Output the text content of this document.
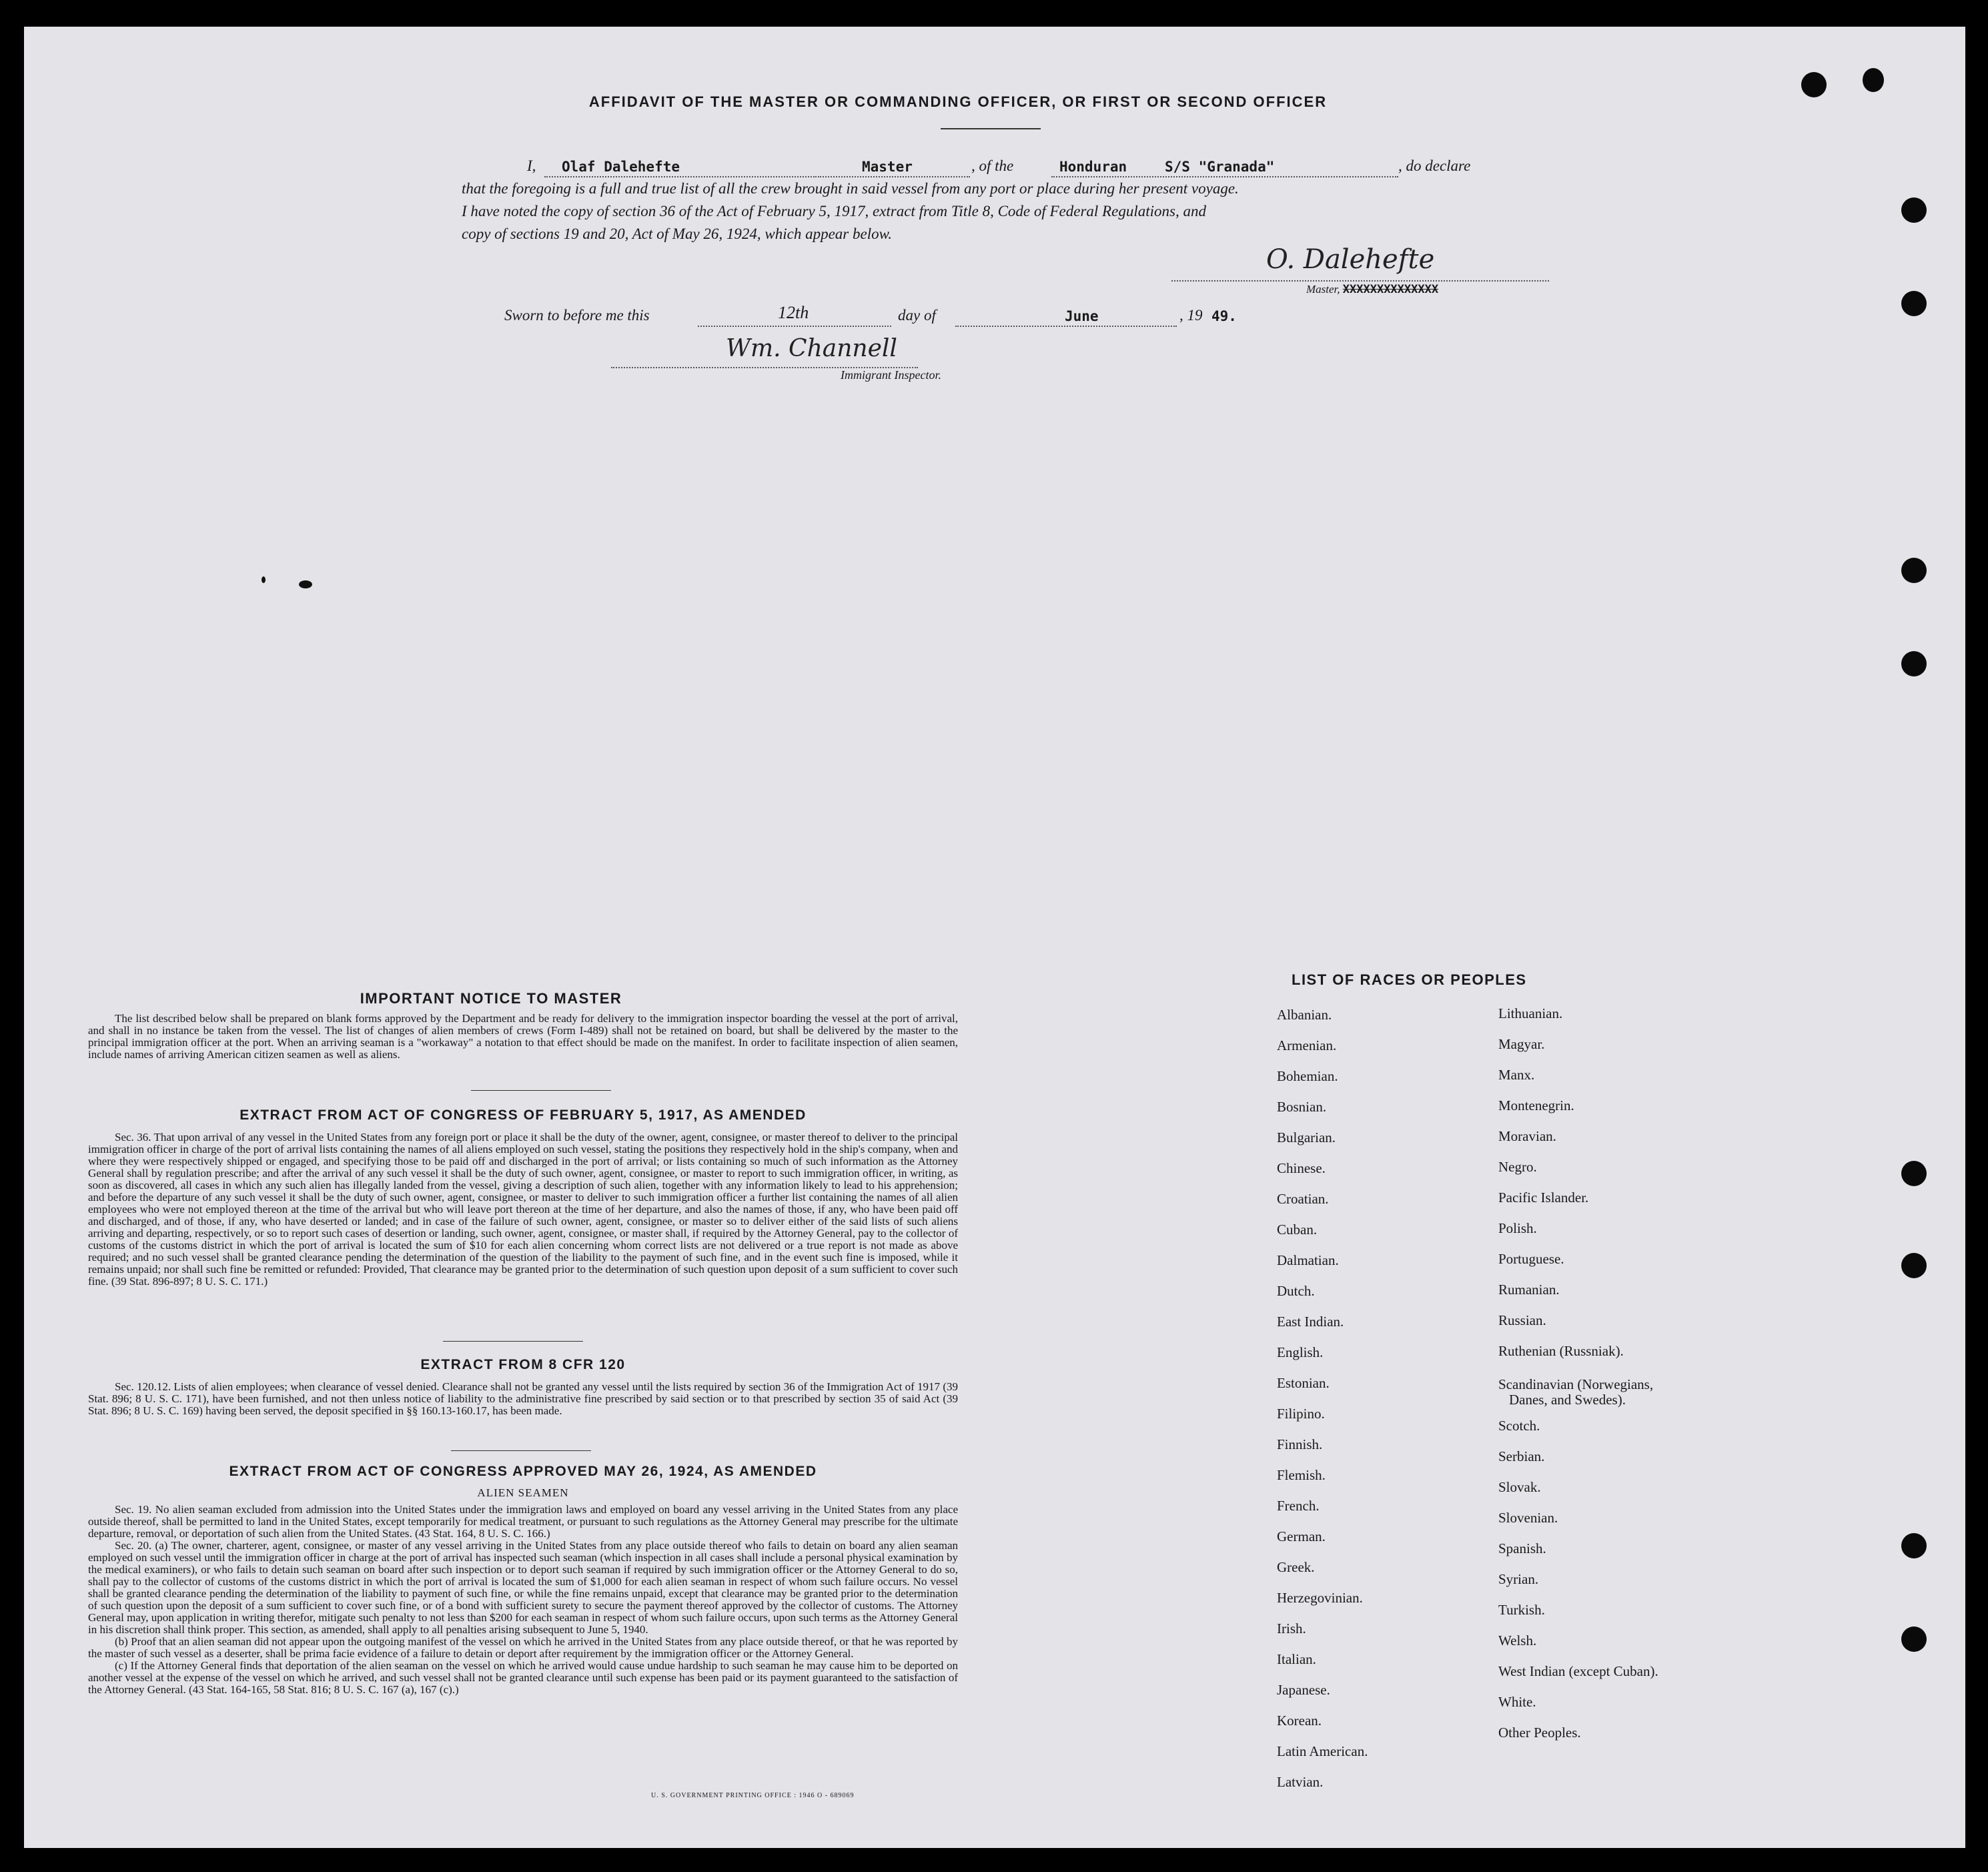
AFFIDAVIT OF THE MASTER OR COMMANDING OFFICER, OR FIRST OR SECOND OFFICER
I, Olaf Dalehefte	Master	, of the	Honduran	S/S "Granada"	, do declare
that the foregoing is a full and true list of all the crew brought in said vessel from any port or place during her present voyage.
I have noted the copy of section 36 of the Act of February 5, 1917, extract from Title 8, Code of Federal Regulations, and
copy of sections 19 and 20, Act of May 26, 1924, which appear below.
O. Dalehefte
Master, XXXXXXXXXXXXXX
Sworn to before me this	12th	day of	June	, 19 49.
Wm. Channell
Immigrant Inspector.
IMPORTANT NOTICE TO MASTER

The list described below shall be prepared on blank forms approved by the Department and be ready for delivery to the immigration inspector boarding the vessel at the port of arrival, and shall in no instance be taken from the vessel. The list of changes of alien members of crews (Form I-489) shall not be retained on board, but shall be delivered by the master to the principal immigration officer at the port. When an arriving seaman is a "workaway" a notation to that effect should be made on the manifest. In order to facilitate inspection of alien seamen, include names of arriving American citizen seamen as well as aliens.

EXTRACT FROM ACT OF CONGRESS OF FEBRUARY 5, 1917, AS AMENDED

Sec. 36. That upon arrival of any vessel in the United States from any foreign port or place it shall be the duty of the owner, agent, consignee, or master thereof to deliver to the principal immigration officer in charge of the port of arrival lists containing the names of all aliens employed on such vessel, stating the positions they respectively hold in the ship's company, when and where they were respectively shipped or engaged, and specifying those to be paid off and discharged in the port of arrival; or lists containing so much of such information as the Attorney General shall by regulation prescribe; and after the arrival of any such vessel it shall be the duty of such owner, agent, consignee, or master to report to such immigration officer, in writing, as soon as discovered, all cases in which any such alien has illegally landed from the vessel, giving a description of such alien, together with any information likely to lead to his apprehension; and before the departure of any such vessel it shall be the duty of such owner, agent, consignee, or master to deliver to such immigration officer a further list containing the names of all alien employees who were not employed thereon at the time of the arrival but who will leave port thereon at the time of her departure, and also the names of those, if any, who have been paid off and discharged, and of those, if any, who have deserted or landed; and in case of the failure of such owner, agent, consignee, or master so to deliver either of the said lists of such aliens arriving and departing, respectively, or so to report such cases of desertion or landing, such owner, agent, consignee, or master shall, if required by the Attorney General, pay to the collector of customs of the customs district in which the port of arrival is located the sum of $10 for each alien concerning whom correct lists are not delivered or a true report is not made as above required; and no such vessel shall be granted clearance pending the determination of the question of the liability to the payment of such fine, and in the event such fine is imposed, while it remains unpaid; nor shall such fine be remitted or refunded: Provided, That clearance may be granted prior to the determination of such question upon deposit of a sum sufficient to cover such fine. (39 Stat. 896-897; 8 U. S. C. 171.)

EXTRACT FROM 8 CFR 120

Sec. 120.12. Lists of alien employees; when clearance of vessel denied. Clearance shall not be granted any vessel until the lists required by section 36 of the Immigration Act of 1917 (39 Stat. 896; 8 U. S. C. 171), have been furnished, and not then unless notice of liability to the administrative fine prescribed by said section or to that prescribed by section 35 of said Act (39 Stat. 896; 8 U. S. C. 169) having been served, the deposit specified in §§ 160.13-160.17, has been made.

EXTRACT FROM ACT OF CONGRESS APPROVED MAY 26, 1924, AS AMENDED
ALIEN SEAMEN

Sec. 19. No alien seaman excluded from admission into the United States under the immigration laws and employed on board any vessel arriving in the United States from any place outside thereof, shall be permitted to land in the United States, except temporarily for medical treatment, or pursuant to such regulations as the Attorney General may prescribe for the ultimate departure, removal, or deportation of such alien from the United States. (43 Stat. 164, 8 U. S. C. 166.)

Sec. 20. (a) The owner, charterer, agent, consignee, or master of any vessel arriving in the United States from any place outside thereof who fails to detain on board any alien seaman employed on such vessel until the immigration officer in charge at the port of arrival has inspected such seaman (which inspection in all cases shall include a personal physical examination by the medical examiners), or who fails to detain such seaman on board after such inspection or to deport such seaman if required by such immigration officer or the Attorney General to do so, shall pay to the collector of customs of the customs district in which the port of arrival is located the sum of $1,000 for each alien seaman in respect of whom such failure occurs. No vessel shall be granted clearance pending the determination of the liability to payment of such fine, or while the fine remains unpaid, except that clearance may be granted prior to the determination of such question upon the deposit of a sum sufficient to cover such fine, or of a bond with sufficient surety to secure the payment thereof approved by the collector of customs. The Attorney General may, upon application in writing therefor, mitigate such penalty to not less than $200 for each seaman in respect of whom such failure occurs, upon such terms as the Attorney General in his discretion shall think proper. This section, as amended, shall apply to all penalties arising subsequent to June 5, 1940.

(b) Proof that an alien seaman did not appear upon the outgoing manifest of the vessel on which he arrived in the United States from any place outside thereof, or that he was reported by the master of such vessel as a deserter, shall be prima facie evidence of a failure to detain or deport after requirement by the immigration officer or the Attorney General.

(c) If the Attorney General finds that deportation of the alien seaman on the vessel on which he arrived would cause undue hardship to such seaman he may cause him to be deported on another vessel at the expense of the vessel on which he arrived, and such vessel shall not be granted clearance until such expense has been paid or its payment guaranteed to the satisfaction of the Attorney General. (43 Stat. 164-165, 58 Stat. 816; 8 U. S. C. 167 (a), 167 (c).)

U. S. GOVERNMENT PRINTING OFFICE : 1946 O - 689069
LIST OF RACES OR PEOPLES
Albanian.
Armenian.
Bohemian.
Bosnian.
Bulgarian.
Chinese.
Croatian.
Cuban.
Dalmatian.
Dutch.
East Indian.
English.
Estonian.
Filipino.
Finnish.
Flemish.
French.
German.
Greek.
Herzegovinian.
Irish.
Italian.
Japanese.
Korean.
Latin American.
Latvian.
Lithuanian.
Magyar.
Manx.
Montenegrin.
Moravian.
Negro.
Pacific Islander.
Polish.
Portuguese.
Rumanian.
Russian.
Ruthenian (Russniak).
Scandinavian (Norwegians,
Danes, and Swedes).
Scotch.
Serbian.
Slovak.
Slovenian.
Spanish.
Syrian.
Turkish.
Welsh.
West Indian (except Cuban).
White.
Other Peoples.
